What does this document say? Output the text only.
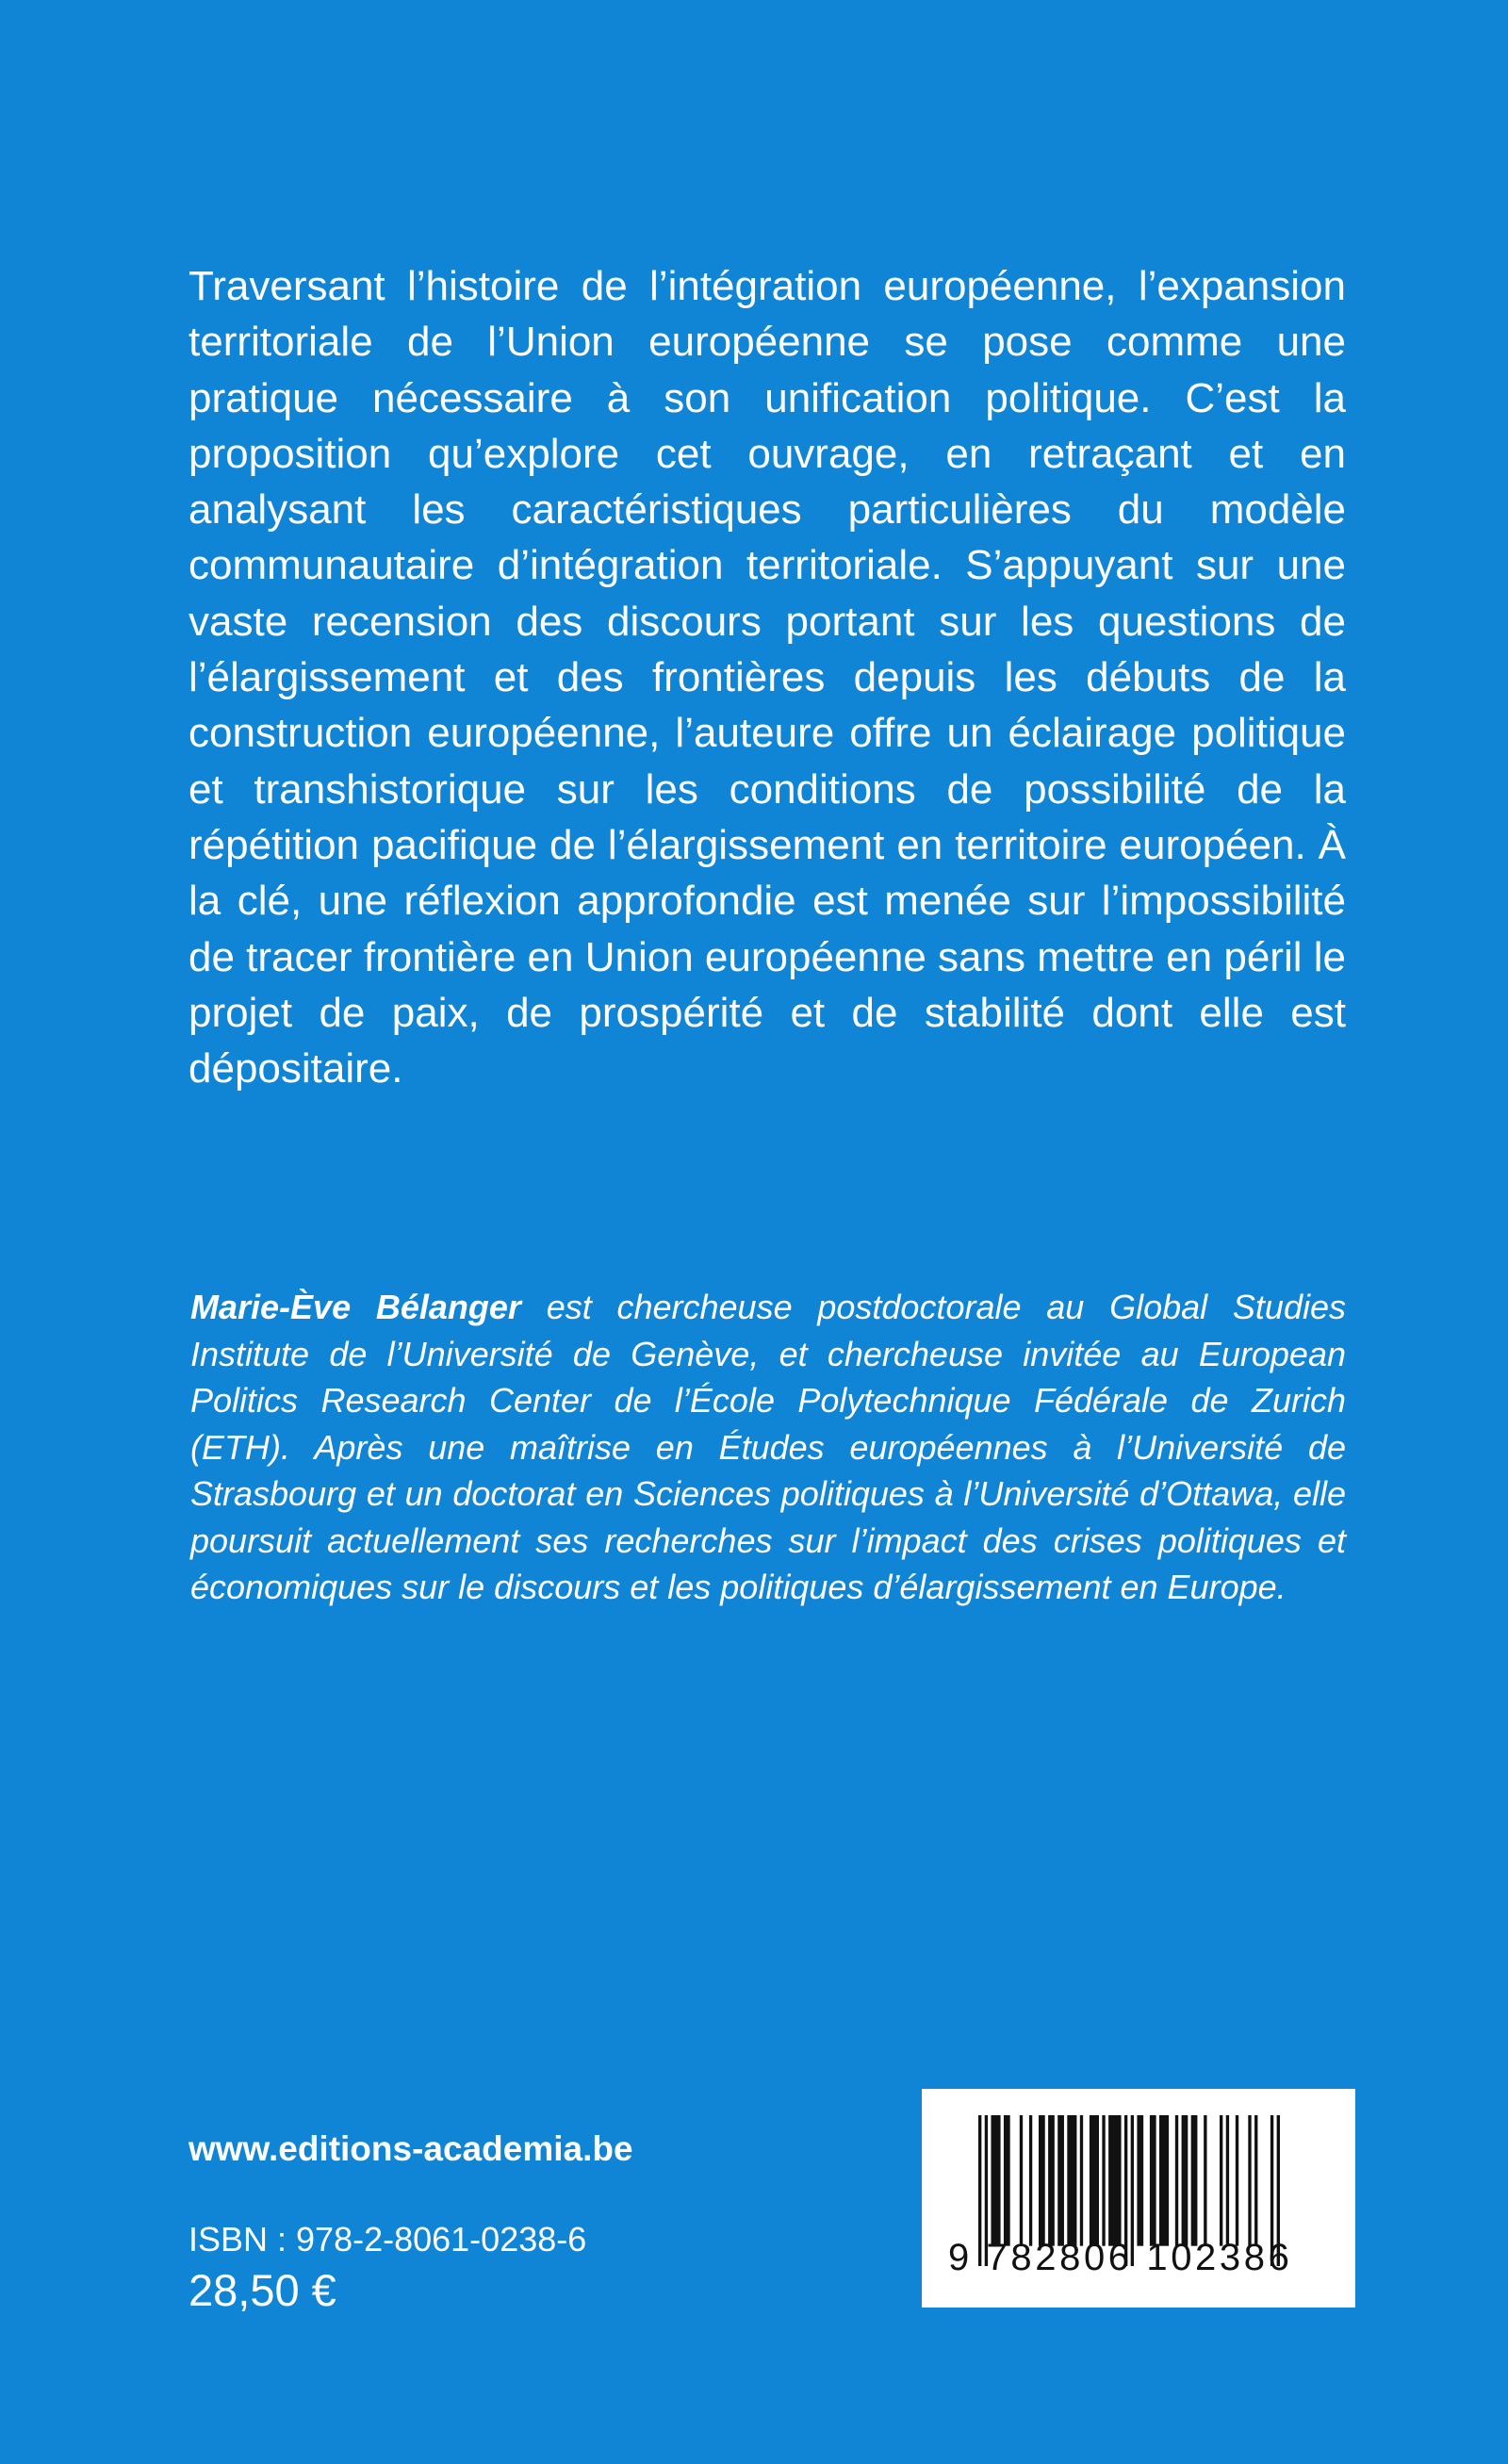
Traversant l’histoire de l’intégration européenne, l’expansion territoriale de l’Union européenne se pose comme une pratique nécessaire à son unification politique. C’est la proposition qu’explore cet ouvrage, en retraçant et en analysant les caractéristiques particulières du modèle communautaire d’intégration territoriale. S’appuyant sur une vaste recension des discours portant sur les questions de l’élargissement et des frontières depuis les débuts de la construction européenne, l’auteure offre un éclairage politique et transhistorique sur les conditions de possibilité de la répétition pacifique de l’élargissement en territoire européen. À la clé, une réflexion approfondie est menée sur l’impossibilité de tracer frontière en Union européenne sans mettre en péril le projet de paix, de prospérité et de stabilité dont elle est dépositaire.

Marie-Ève Bélanger est chercheuse postdoctorale au Global Studies Institute de l’Université de Genève, et chercheuse invitée au European Politics Research Center de l’École Polytechnique Fédérale de Zurich (ETH). Après une maîtrise en Études européennes à l’Université de Strasbourg et un doctorat en Sciences politiques à l’Université d’Ottawa, elle poursuit actuellement ses recherches sur l’impact des crises politiques et économiques sur le discours et les politiques d’élargissement en Europe.

www.editions-academia.be

ISBN : 978-2-8061-0238-6

28,50 €

9 782806 102386
